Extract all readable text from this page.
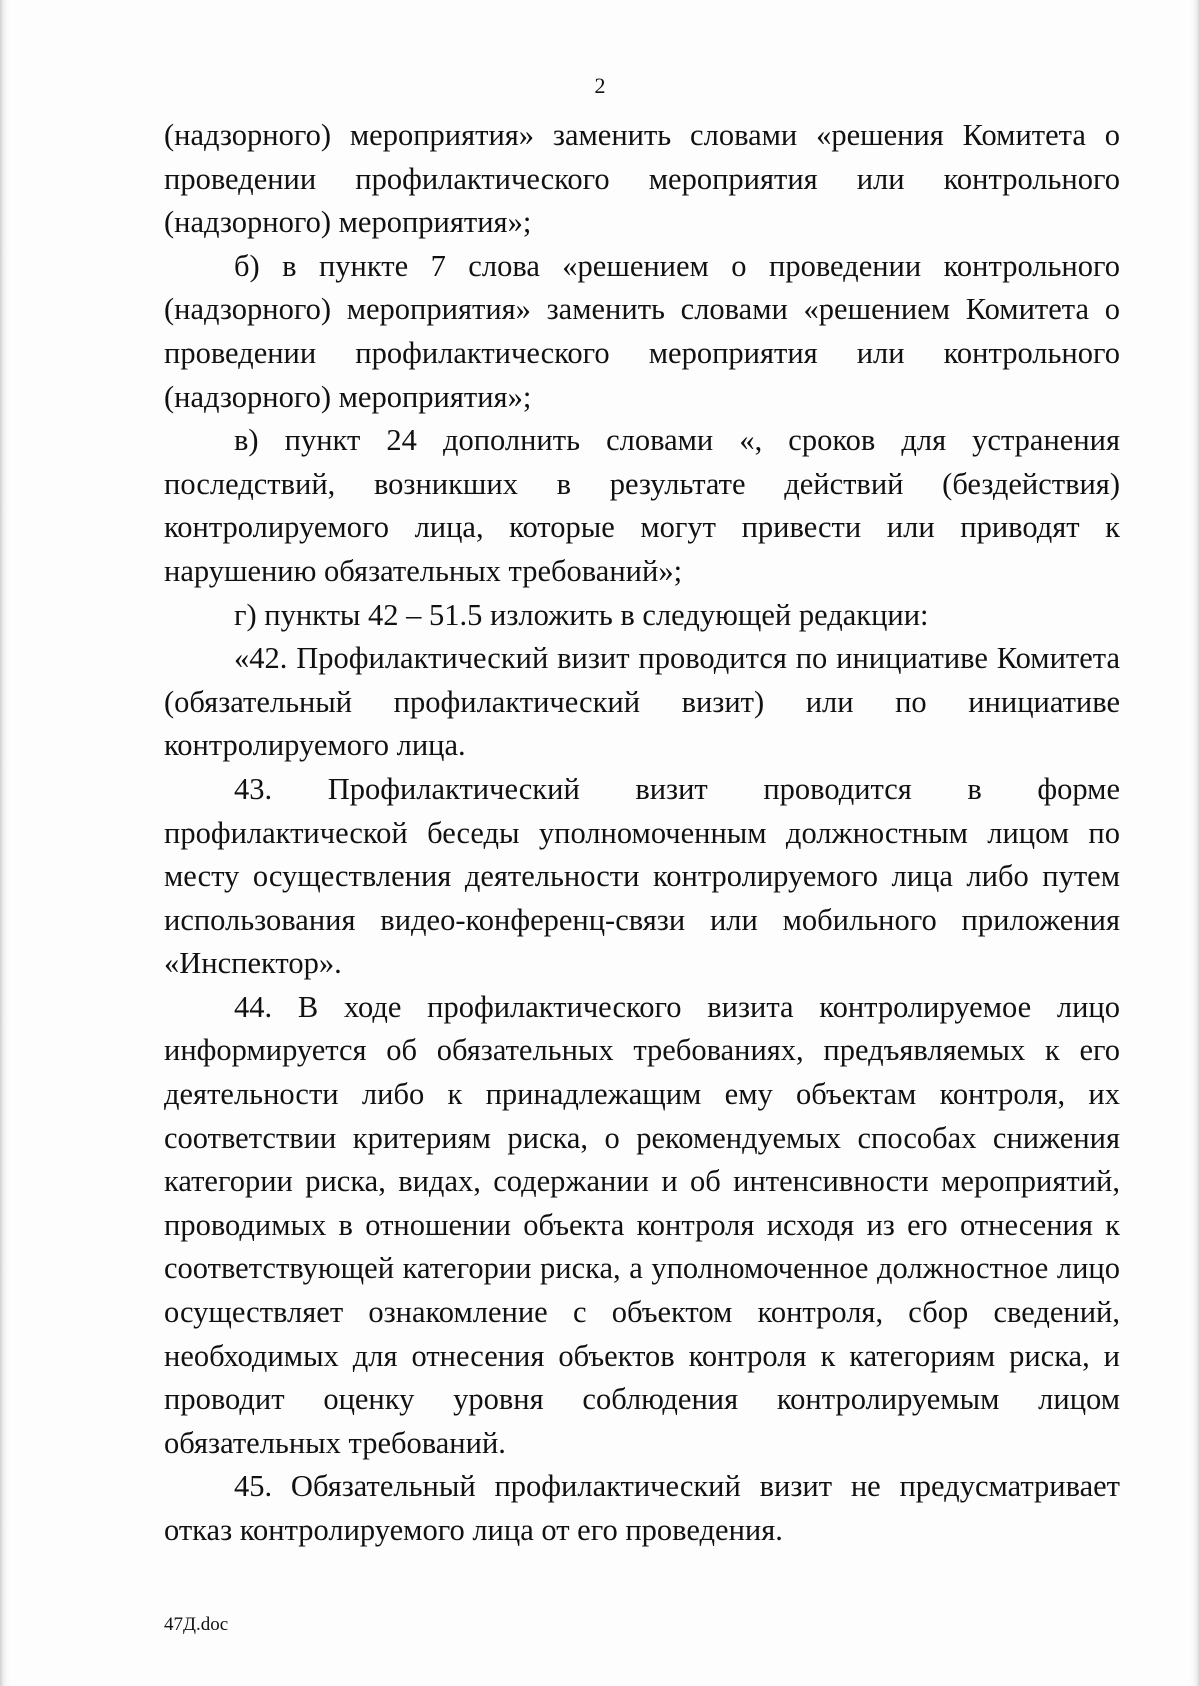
2

(надзорного) мероприятия» заменить словами «решения Комитета о проведении профилактического мероприятия или контрольного (надзорного) мероприятия»;

б) в пункте 7 слова «решением о проведении контрольного (надзорного) мероприятия» заменить словами «решением Комитета о проведении профилактического мероприятия или контрольного (надзорного) мероприятия»;

в) пункт 24 дополнить словами «, сроков для устранения последствий, возникших в результате действий (бездействия) контролируемого лица, которые могут привести или приводят к нарушению обязательных требований»;

г) пункты 42 – 51.5 изложить в следующей редакции:

«42. Профилактический визит проводится по инициативе Комитета (обязательный профилактический визит) или по инициативе контролируемого лица.

43. Профилактический визит проводится в форме профилактической беседы уполномоченным должностным лицом по месту осуществления деятельности контролируемого лица либо путем использования видео-конференц-связи или мобильного приложения «Инспектор».

44. В ходе профилактического визита контролируемое лицо информируется об обязательных требованиях, предъявляемых к его деятельности либо к принадлежащим ему объектам контроля, их соответствии критериям риска, о рекомендуемых способах снижения категории риска, видах, содержании и об интенсивности мероприятий, проводимых в отношении объекта контроля исходя из его отнесения к соответствующей категории риска, а уполномоченное должностное лицо осуществляет ознакомление с объектом контроля, сбор сведений, необходимых для отнесения объектов контроля к категориям риска, и проводит оценку уровня соблюдения контролируемым лицом обязательных требований.

45. Обязательный профилактический визит не предусматривает отказ контролируемого лица от его проведения.

47Д.doc
